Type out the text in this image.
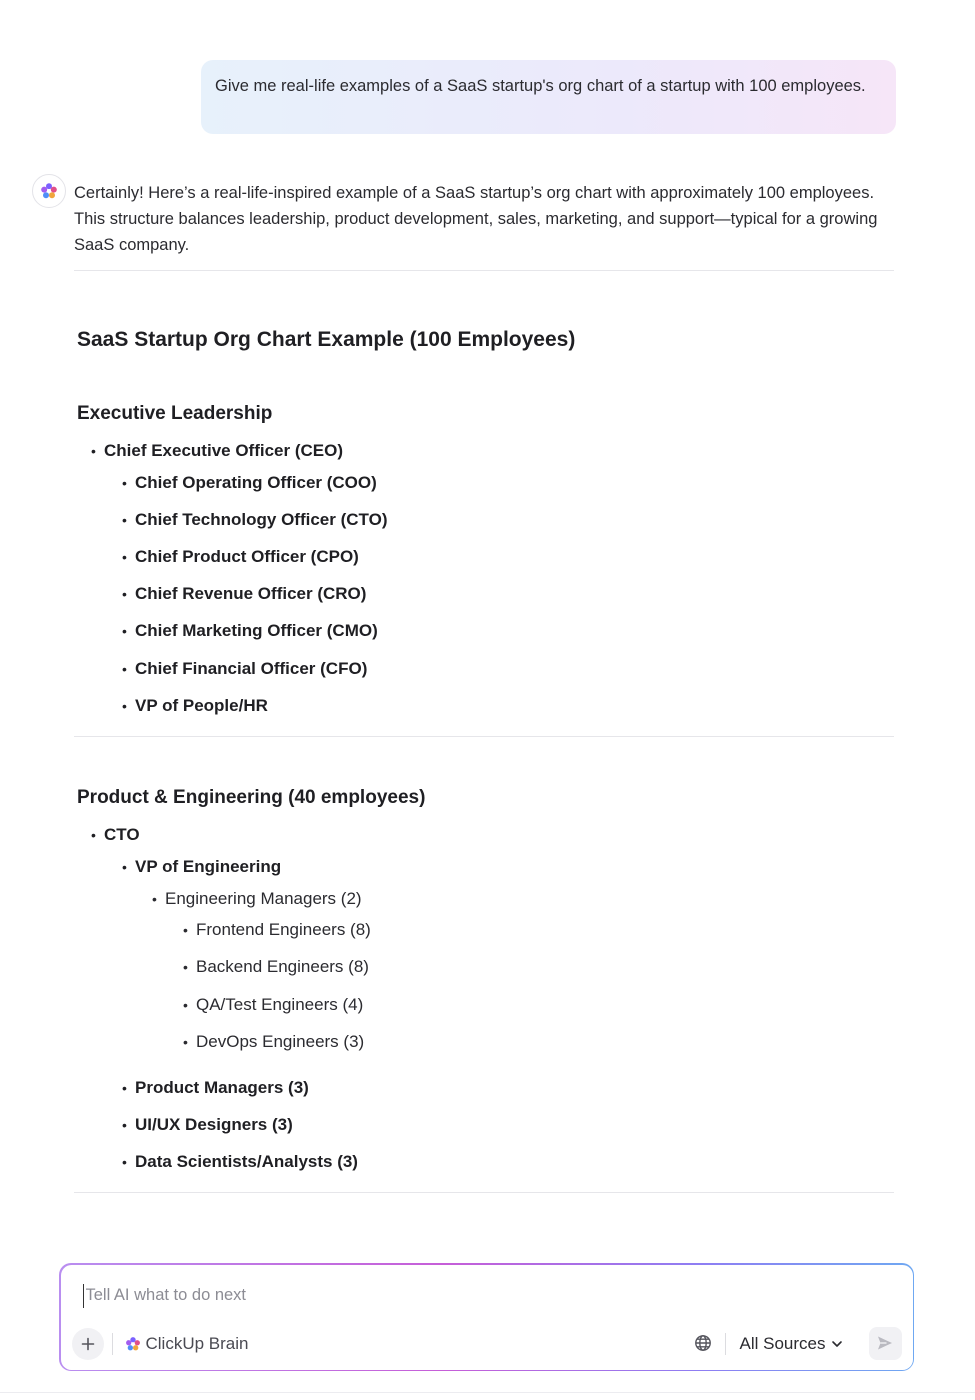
Give me real-life examples of a SaaS startup's org chart of a startup with 100 employees.
Certainly! Here’s a real-life-inspired example of a SaaS startup’s org chart with approximately 100 employees. This structure balances leadership, product development, sales, marketing, and support—typical for a growing SaaS company.
SaaS Startup Org Chart Example (100 Employees)
Executive Leadership
• Chief Executive Officer (CEO)
• Chief Operating Officer (COO)
• Chief Technology Officer (CTO)
• Chief Product Officer (CPO)
• Chief Revenue Officer (CRO)
• Chief Marketing Officer (CMO)
• Chief Financial Officer (CFO)
• VP of People/HR
Product & Engineering (40 employees)
• CTO
• VP of Engineering
• Engineering Managers (2)
• Frontend Engineers (8)
• Backend Engineers (8)
• QA/Test Engineers (4)
• DevOps Engineers (3)
• Product Managers (3)
• UI/UX Designers (3)
• Data Scientists/Analysts (3)
Tell AI what to do next
ClickUp Brain	All Sources
